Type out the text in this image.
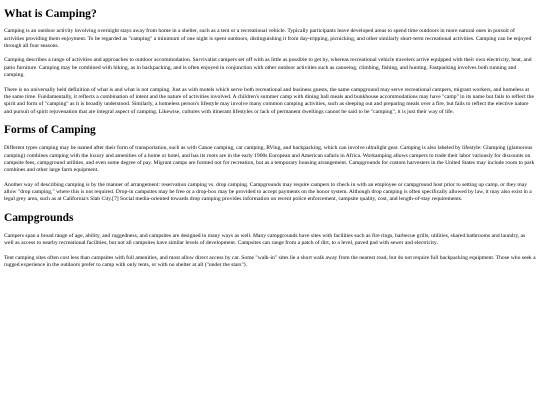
What is Camping?

Camping is an outdoor activity involving overnight stays away from home in a shelter, such as a tent or a recreational vehicle. Typically participants leave developed areas to spend time outdoors in more natural ones in pursuit of activities providing them enjoyment. To be regarded as "camping" a minimum of one night is spent outdoors, distinguishing it from day-tripping, picnicking, and other similarly short-term recreational activities. Camping can be enjoyed through all four seasons.

Camping describes a range of activities and approaches to outdoor accommodation. Survivalist campers set off with as little as possible to get by, whereas recreational vehicle travelers arrive equipped with their own electricity, heat, and patio furniture. Camping may be combined with hiking, as in backpacking, and is often enjoyed in conjunction with other outdoor activities such as canoeing, climbing, fishing, and hunting. Fastpacking involves both running and camping.

There is no universally held definition of what is and what is not camping. Just as with motels which serve both recreational and business guests, the same campground may serve recreational campers, migrant workers, and homeless at the same time. Fundamentally, it reflects a combination of intent and the nature of activities involved. A children's summer camp with dining hall meals and bunkhouse accommodations may have "camp" in its name but fails to reflect the spirit and form of "camping" as it is broadly understood. Similarly, a homeless person's lifestyle may involve many common camping activities, such as sleeping out and preparing meals over a fire, but fails to reflect the elective nature and pursuit of spirit rejuvenation that are integral aspect of camping. Likewise, cultures with itinerant lifestyles or lack of permanent dwellings cannot be said to be "camping", it is just their way of life.

Forms of Camping

Different types camping may be named after their form of transportation, such as with Canoe camping, car camping, RVing, and backpacking, which can involve ultralight gear. Camping is also labeled by lifestyle: Glamping (glamorous camping) combines camping with the luxury and amenities of a home or hotel, and has its roots are in the early 1900s European and American safaris in Africa. Workamping allows campers to trade their labor variously for discounts on campsite fees, campground utilities, and even some degree of pay. Migrant camps are formed not for recreation, but as a temporary housing arrangement. Campgrounds for custom harvesters in the United States may include room to park combines and other large farm equipment.

Another way of describing camping is by the manner of arrangement: reservation camping vs. drop camping. Campgrounds may require campers to check in with an employee or campground host prior to setting up camp, or they may allow "drop camping," where this is not required. Drop-in campsites may be free or a drop-box may be provided to accept payments on the honor system. Although drop camping is often specifically allowed by law, it may also exist in a legal grey area, such as at California's Slab City.[7] Social media-oriented towards drop camping provides information on recent police enforcement, campsite quality, cost, and length-of-stay requirements.

Campgrounds

Campers span a broad range of age, ability, and ruggedness, and campsites are designed in many ways as well. Many campgrounds have sites with facilities such as fire rings, barbecue grills, utilities, shared bathrooms and laundry, as well as access to nearby recreational facilities, but not all campsites have similar levels of development. Campsites can range from a patch of dirt, to a level, paved pad with sewer and electricity.

Tent camping sites often cost less than campsites with full amenities, and most allow direct access by car. Some "walk-in" sites lie a short walk away from the nearest road, but do not require full backpacking equipment. Those who seek a rugged experience in the outdoors prefer to camp with only tents, or with no shelter at all ("under the stars").
